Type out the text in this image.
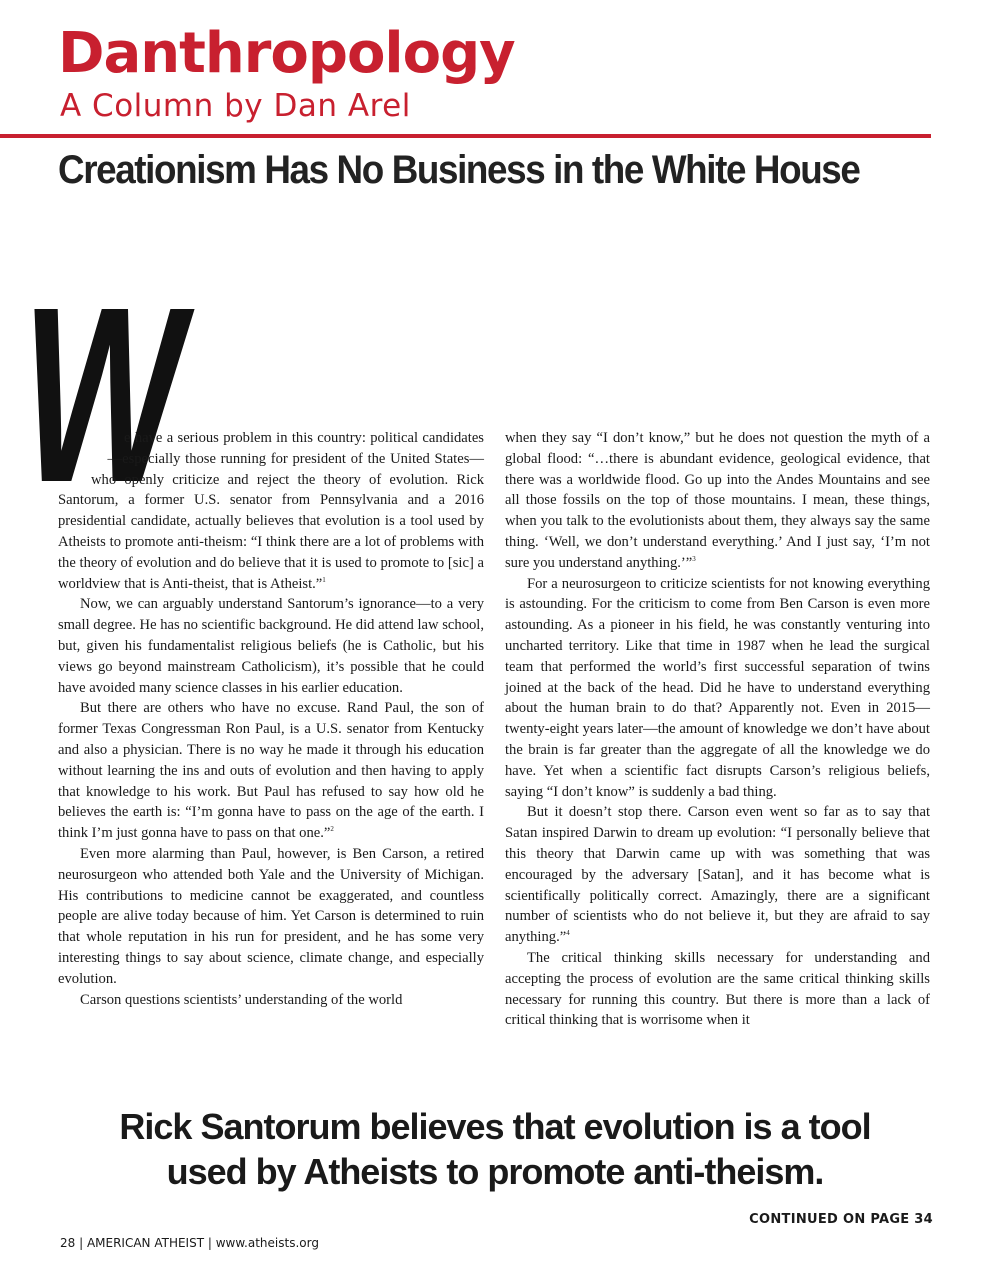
Danthropology
A Column by Dan Arel
Creationism Has No Business in the White House
W

e have a serious problem in this country: political candidates—especially those running for president of the United States—who openly criticize and reject the theory of evolution. Rick Santorum, a former U.S. senator from Pennsylvania and a 2016 presidential candidate, actually believes that evolution is a tool used by Atheists to promote anti-theism: “I think there are a lot of problems with the theory of evolution and do believe that it is used to promote to [sic] a worldview that is Anti-theist, that is Atheist.”$^1$

Now, we can arguably understand Santorum’s ignorance—to a very small degree. He has no scientific background. He did attend law school, but, given his fundamentalist religious beliefs (he is Catholic, but his views go beyond mainstream Catholicism), it’s possible that he could have avoided many science classes in his earlier education.

But there are others who have no excuse. Rand Paul, the son of former Texas Congressman Ron Paul, is a U.S. senator from Kentucky and also a physician. There is no way he made it through his education without learning the ins and outs of evolution and then having to apply that knowledge to his work. But Paul has refused to say how old he believes the earth is: “I’m gonna have to pass on the age of the earth. I think I’m just gonna have to pass on that one.”$^2$

Even more alarming than Paul, however, is Ben Carson, a retired neurosurgeon who attended both Yale and the University of Michigan. His contributions to medicine cannot be exaggerated, and countless people are alive today because of him. Yet Carson is determined to ruin that whole reputation in his run for president, and he has some very interesting things to say about science, climate change, and especially evolution.

Carson questions scientists’ understanding of the world

when they say “I don’t know,” but he does not question the myth of a global flood: “…there is abundant evidence, geological evidence, that there was a worldwide flood. Go up into the Andes Mountains and see all those fossils on the top of those mountains. I mean, these things, when you talk to the evolutionists about them, they always say the same thing. ‘Well, we don’t understand everything.’ And I just say, ‘I’m not sure you understand anything.’”$^3$

For a neurosurgeon to criticize scientists for not knowing everything is astounding. For the criticism to come from Ben Carson is even more astounding. As a pioneer in his field, he was constantly venturing into uncharted territory. Like that time in 1987 when he lead the surgical team that performed the world’s first successful separation of twins joined at the back of the head. Did he have to understand everything about the human brain to do that? Apparently not. Even in 2015—twenty-eight years later—the amount of knowledge we don’t have about the brain is far greater than the aggregate of all the knowledge we do have. Yet when a scientific fact disrupts Carson’s religious beliefs, saying “I don’t know” is suddenly a bad thing.

But it doesn’t stop there. Carson even went so far as to say that Satan inspired Darwin to dream up evolution: “I personally believe that this theory that Darwin came up with was something that was encouraged by the adversary [Satan], and it has become what is scientifically politically correct. Amazingly, there are a significant number of scientists who do not believe it, but they are afraid to say anything.”$^4$

The critical thinking skills necessary for understanding and accepting the process of evolution are the same critical thinking skills necessary for running this country. But there is more than a lack of critical thinking that is worrisome when it

Rick Santorum believes that evolution is a tool
used by Atheists to promote anti-theism.
CONTINUED ON PAGE 34
28 | AMERICAN ATHEIST | www.atheists.org
